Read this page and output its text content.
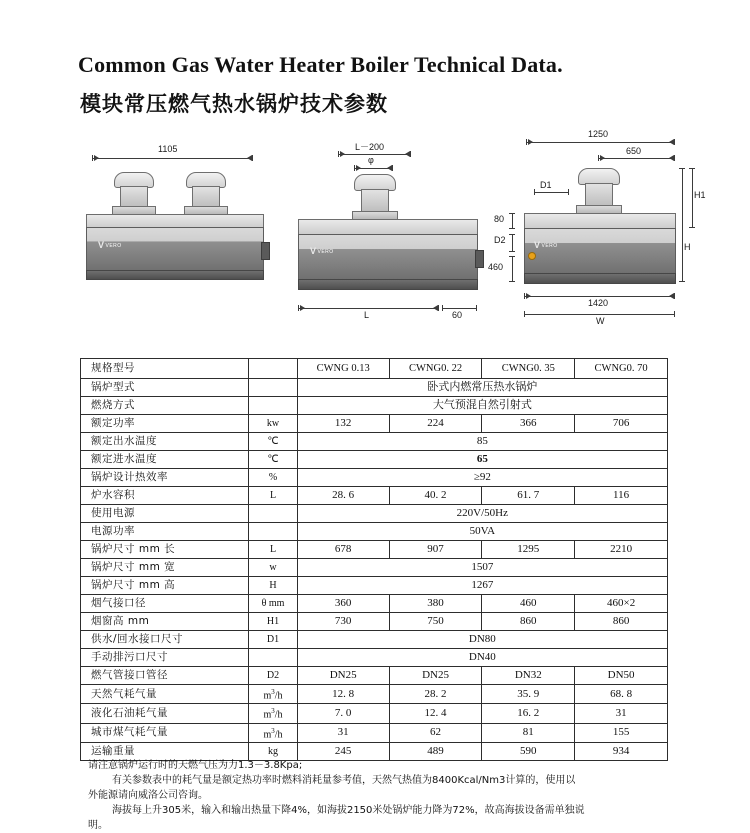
Common Gas Water Heater Boiler Technical Data.
模块常压燃气热水锅炉技术参数
1105
VVERO
L－200
φ
VVERO
L	60
1250
650
VVERO
D1
80
D2
460
H1
H
1420
W
规格型号		CWNG 0.13	CWNG0. 22	CWNG0. 35	CWNG0. 70
锅炉型式		卧式内燃常压热水锅炉			
燃烧方式		大气预混自然引射式			
额定功率	kw	132	224	366	706
额定出水温度	℃	85			
额定进水温度	℃	65			
锅炉设计热效率	%	≥92			
炉水容积	L	28. 6	40. 2	61. 7	116
使用电源		220V/50Hz			
电源功率		50VA			
锅炉尺寸 mm 长	L	678	907	1295	2210
锅炉尺寸 mm 宽	w	1507			
锅炉尺寸 mm 高	H	1267			
烟气接口径	θ mm	360	380	460	460×2
烟窗高 mm	H1	730	750	860	860
供水/回水接口尺寸	D1	DN80			
手动排污口尺寸		DN40			
燃气管接口管径	D2	DN25	DN25	DN32	DN50
天然气耗气量	$m^3/h$	12. 8	28. 2	35. 9	68. 8
液化石油耗气量	$m^3/h$	7. 0	12. 4	16. 2	31
城市煤气耗气量	$m^3/h$	31	62	81	155
运输重量	kg	245	489	590	934

请注意锅炉运行时的天燃气压为力1.3－3.8Kpa;

有关参数表中的耗气量是额定热功率时燃料消耗量参考值，天然气热值为8400Kcal/Nm3计算的，使用以

外能源请向威洛公司咨询。

海拔每上升305米，输入和输出热量下降4%，如海拔2150米处锅炉能力降为72%，故高海拔设备需单独说

明。
